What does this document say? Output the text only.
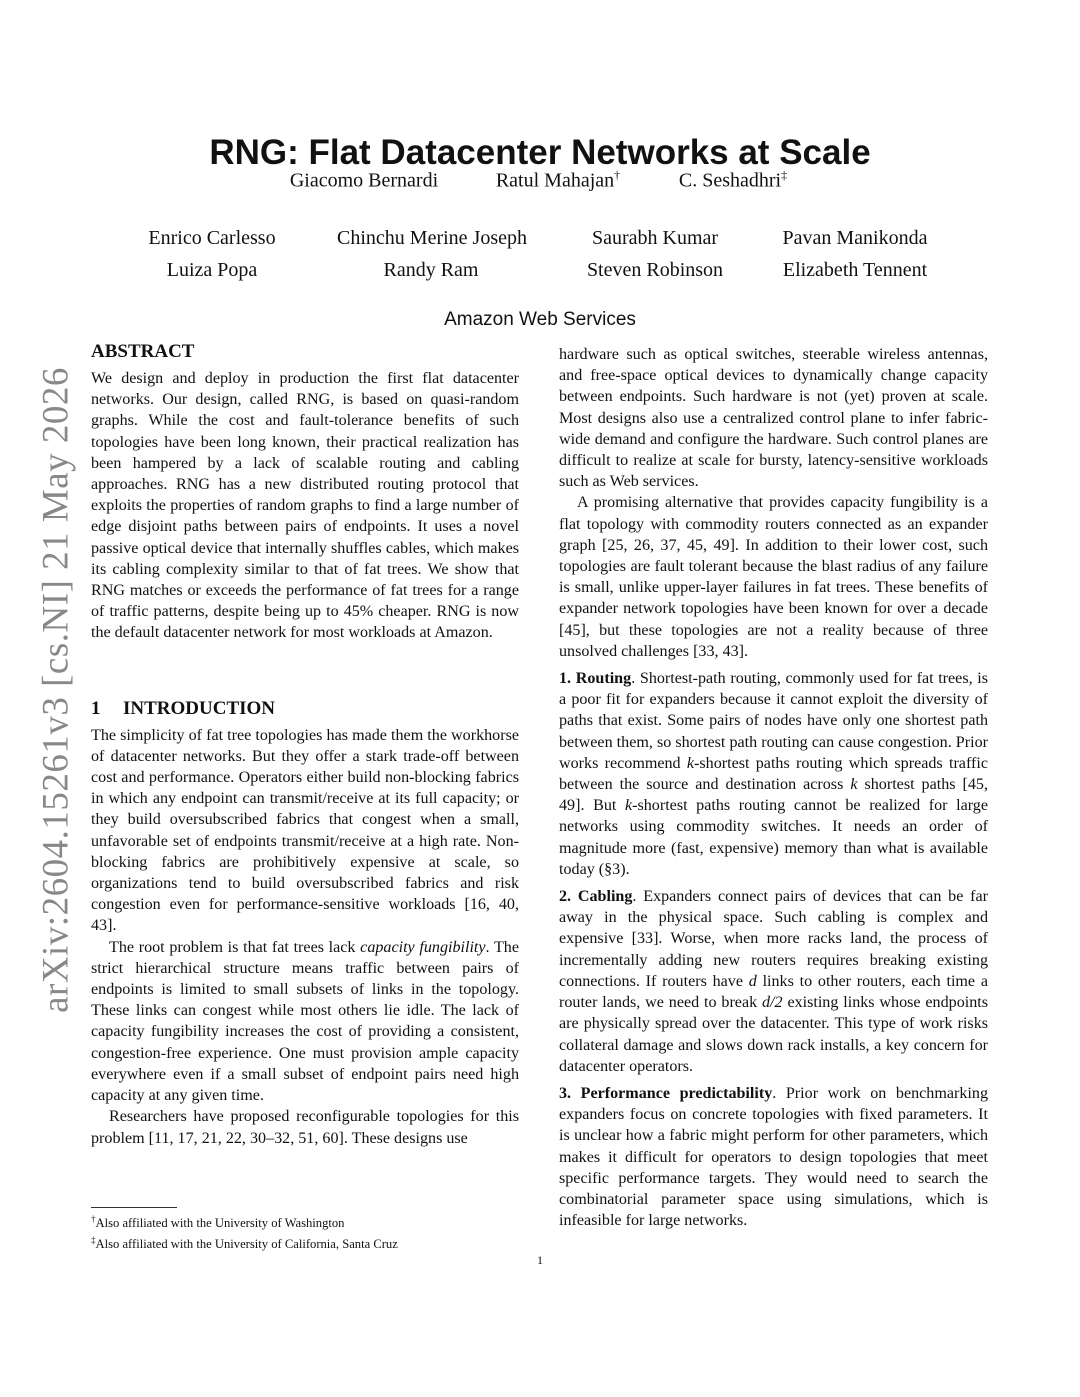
arXiv:2604.15261v3 [cs.NI] 21 May 2026
RNG: Flat Datacenter Networks at Scale
Giacomo Bernardi	Ratul Mahajan†	C. Seshadhri‡
Enrico Carlesso	Chinchu Merine Joseph	Saurabh Kumar	Pavan Manikonda
Luiza Popa	Randy Ram	Steven Robinson	Elizabeth Tennent
Amazon Web Services
ABSTRACT

We design and deploy in production the first flat datacenter networks. Our design, called RNG, is based on quasi-random graphs. While the cost and fault-tolerance benefits of such topologies have been long known, their practical realization has been hampered by a lack of scalable routing and cabling approaches. RNG has a new distributed routing protocol that exploits the properties of random graphs to find a large number of edge disjoint paths between pairs of endpoints. It uses a novel passive optical device that internally shuffles cables, which makes its cabling complexity similar to that of fat trees. We show that RNG matches or exceeds the performance of fat trees for a range of traffic patterns, despite being up to 45% cheaper. RNG is now the default datacenter network for most workloads at Amazon.

1 INTRODUCTION

The simplicity of fat tree topologies has made them the workhorse of datacenter networks. But they offer a stark trade-off between cost and performance. Operators either build non-blocking fabrics in which any endpoint can transmit/receive at its full capacity; or they build oversubscribed fabrics that congest when a small, unfavorable set of endpoints transmit/receive at a high rate. Non-blocking fabrics are prohibitively expensive at scale, so organizations tend to build oversubscribed fabrics and risk congestion even for performance-sensitive workloads [16, 40, 43].

The root problem is that fat trees lack capacity fungibility. The strict hierarchical structure means traffic between pairs of endpoints is limited to small subsets of links in the topology. These links can congest while most others lie idle. The lack of capacity fungibility increases the cost of providing a consistent, congestion-free experience. One must provision ample capacity everywhere even if a small subset of endpoint pairs need high capacity at any given time.

Researchers have proposed reconfigurable topologies for this problem [11, 17, 21, 22, 30–32, 51, 60]. These designs use

hardware such as optical switches, steerable wireless antennas, and free-space optical devices to dynamically change capacity between endpoints. Such hardware is not (yet) proven at scale. Most designs also use a centralized control plane to infer fabric-wide demand and configure the hardware. Such control planes are difficult to realize at scale for bursty, latency-sensitive workloads such as Web services.

A promising alternative that provides capacity fungibility is a flat topology with commodity routers connected as an expander graph [25, 26, 37, 45, 49]. In addition to their lower cost, such topologies are fault tolerant because the blast radius of any failure is small, unlike upper-layer failures in fat trees. These benefits of expander network topologies have been known for over a decade [45], but these topologies are not a reality because of three unsolved challenges [33, 43].

1. Routing. Shortest-path routing, commonly used for fat trees, is a poor fit for expanders because it cannot exploit the diversity of paths that exist. Some pairs of nodes have only one shortest path between them, so shortest path routing can cause congestion. Prior works recommend k-shortest paths routing which spreads traffic between the source and destination across k shortest paths [45, 49]. But k-shortest paths routing cannot be realized for large networks using commodity switches. It needs an order of magnitude more (fast, expensive) memory than what is available today (§3).

2. Cabling. Expanders connect pairs of devices that can be far away in the physical space. Such cabling is complex and expensive [33]. Worse, when more racks land, the process of incrementally adding new routers requires breaking existing connections. If routers have d links to other routers, each time a router lands, we need to break d/2 existing links whose endpoints are physically spread over the datacenter. This type of work risks collateral damage and slows down rack installs, a key concern for datacenter operators.

3. Performance predictability. Prior work on benchmarking expanders focus on concrete topologies with fixed parameters. It is unclear how a fabric might perform for other parameters, which makes it difficult for operators to design topologies that meet specific performance targets. They would need to search the combinatorial parameter space using simulations, which is infeasible for large networks.

†Also affiliated with the University of Washington

‡Also affiliated with the University of California, Santa Cruz

1
